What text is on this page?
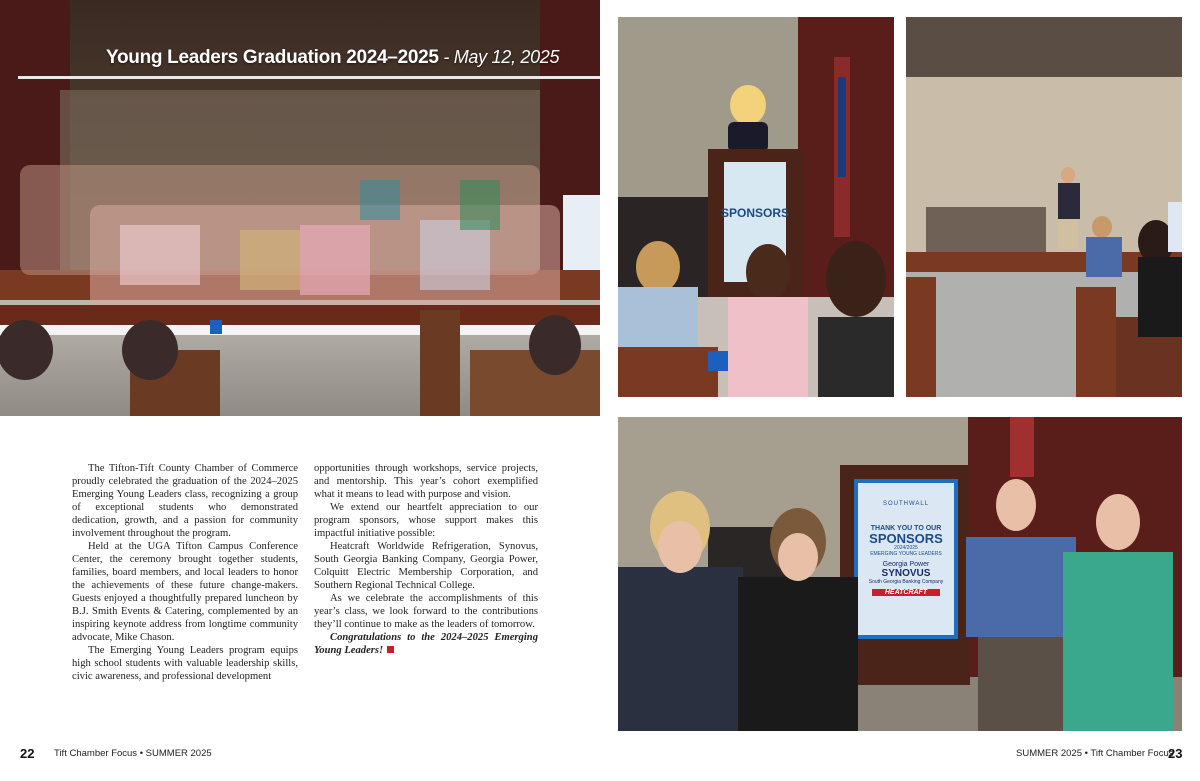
Young Leaders Graduation 2024–2025 - May 12, 2025
SPONSORS
SOUTHWALL
THANK YOU TO OUR
SPONSORS
2024/2025
EMERGING YOUNG LEADERS
Georgia Power
SYNOVUS
South Georgia Banking Company
HEATCRAFT

The Tifton-Tift County Chamber of Commerce proudly celebrated the graduation of the 2024–2025 Emerging Young Leaders class, recognizing a group of exceptional students who demonstrated dedication, growth, and a passion for community involvement throughout the program.

Held at the UGA Tifton Campus Conference Center, the ceremony brought together students, families, board members, and local leaders to honor the achievements of these future change-makers. Guests enjoyed a thoughtfully prepared luncheon by B.J. Smith Events & Catering, complemented by an inspiring keynote address from longtime community advocate, Mike Chason.

The Emerging Young Leaders program equips high school students with valuable leadership skills, civic awareness, and professional development

opportunities through workshops, service projects, and mentorship. This year’s cohort exemplified what it means to lead with purpose and vision.

We extend our heartfelt appreciation to our program sponsors, whose support makes this impactful initiative possible:

Heatcraft Worldwide Refrigeration, Synovus, South Georgia Banking Company, Georgia Power, Colquitt Electric Membership Corporation, and Southern Regional Technical College.

As we celebrate the accomplishments of this year’s class, we look forward to the contributions they’ll continue to make as the leaders of tomorrow.

Congratulations to the 2024–2025 Emerging Young Leaders!

22 Tift Chamber Focus • SUMMER 2025	SUMMER 2025 • Tift Chamber Focus
23
